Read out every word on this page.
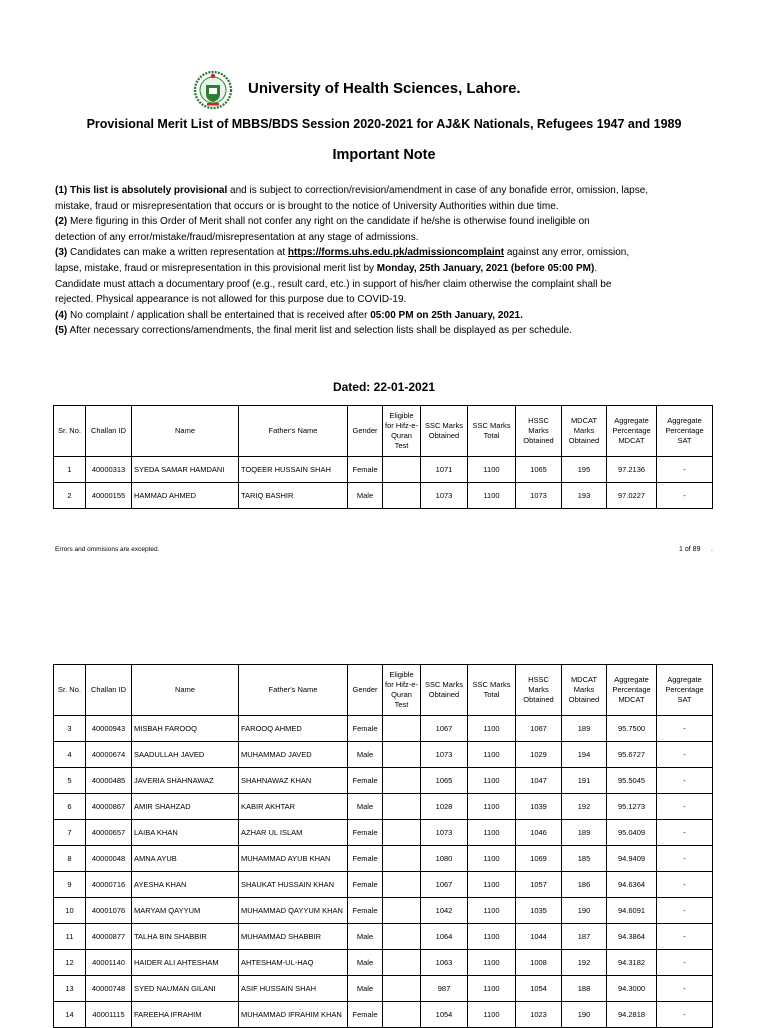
University of Health Sciences, Lahore.
Provisional Merit List of MBBS/BDS Session 2020-2021 for AJ&K Nationals, Refugees 1947 and 1989
Important Note
(1) This list is absolutely provisional and is subject to correction/revision/amendment in case of any bonafide error, omission, lapse,
mistake, fraud or misrepresentation that occurs or is brought to the notice of University Authorities within due time.
(2) Mere figuring in this Order of Merit shall not confer any right on the candidate if he/she is otherwise found ineligible on
detection of any error/mistake/fraud/misrepresentation at any stage of admissions.
(3) Candidates can make a written representation at https://forms.uhs.edu.pk/admissioncomplaint against any error, omission,
lapse, mistake, fraud or misrepresentation in this provisional merit list by Monday, 25th January, 2021 (before 05:00 PM).
Candidate must attach a documentary proof (e.g., result card, etc.) in support of his/her claim otherwise the complaint shall be
rejected. Physical appearance is not allowed for this purpose due to COVID-19.
(4) No complaint / application shall be entertained that is received after 05:00 PM on 25th January, 2021.
(5) After necessary corrections/amendments, the final merit list and selection lists shall be displayed as per schedule.
Dated: 22-01-2021
Sr. No.	Challan ID	Name	Father's Name	Gender	Eligible for Hifz-e-Quran Test	SSC Marks Obtained	SSC Marks Total	HSSC Marks Obtained	MDCAT Marks Obtained	Aggregate Percentage MDCAT	Aggregate Percentage SAT
1	40000313	SYEDA SAMAR HAMDANI	TOQEER HUSSAIN SHAH	Female		1071	1100	1065	195	97.2136	-
2	40000155	HAMMAD AHMED	TARIQ BASHIR	Male		1073	1100	1073	193	97.0227	-
Errors and ommisions are excepted.	1 of 89 .
Sr. No.	Challan ID	Name	Father's Name	Gender	Eligible for Hifz-e-Quran Test	SSC Marks Obtained	SSC Marks Total	HSSC Marks Obtained	MDCAT Marks Obtained	Aggregate Percentage MDCAT	Aggregate Percentage SAT
3	40000943	MISBAH FAROOQ	FAROOQ AHMED	Female		1067	1100	1067	189	95.7500	-
4	40000674	SAADULLAH JAVED	MUHAMMAD JAVED	Male		1073	1100	1029	194	95.6727	-
5	40000485	JAVERIA SHAHNAWAZ	SHAHNAWAZ KHAN	Female		1065	1100	1047	191	95.5045	-
6	40000867	AMIR SHAHZAD	KABIR AKHTAR	Male		1028	1100	1039	192	95.1273	-
7	40000657	LAIBA KHAN	AZHAR UL ISLAM	Female		1073	1100	1046	189	95.0409	-
8	40000048	AMNA AYUB	MUHAMMAD AYUB KHAN	Female		1080	1100	1069	185	94.9409	-
9	40000716	AYESHA KHAN	SHAUKAT HUSSAIN KHAN	Female		1067	1100	1057	186	94.6364	-
10	40001076	MARYAM QAYYUM	MUHAMMAD QAYYUM KHAN	Female		1042	1100	1035	190	94.6091	-
11	40000877	TALHA BIN SHABBIR	MUHAMMAD SHABBIR	Male		1064	1100	1044	187	94.3864	-
12	40001140	HAIDER ALI AHTESHAM	AHTESHAM-UL-HAQ	Male		1063	1100	1008	192	94.3182	-
13	40000748	SYED NAUMAN GILANI	ASIF HUSSAIN SHAH	Male		987	1100	1054	188	94.3000	-
14	40001115	FAREEHA IFRAHIM	MUHAMMAD IFRAHIM KHAN	Female		1054	1100	1023	190	94.2818	-
